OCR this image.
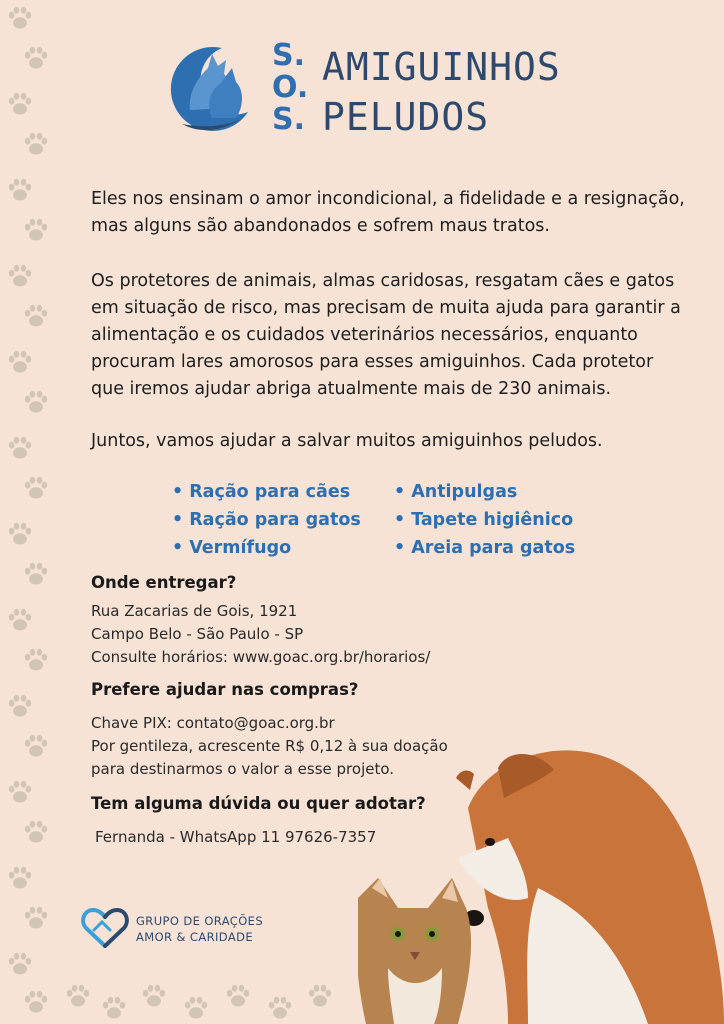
S.
O.
S.
AMIGUINHOS
PELUDOS

Eles nos ensinam o amor incondicional, a fidelidade e a resignação, mas alguns são abandonados e sofrem maus tratos.

Os protetores de animais, almas caridosas, resgatam cães e gatos em situação de risco, mas precisam de muita ajuda para garantir a alimentação e os cuidados veterinários necessários, enquanto procuram lares amorosos para esses amiguinhos. Cada protetor que iremos ajudar abriga atualmente mais de 230 animais.

Juntos, vamos ajudar a salvar muitos amiguinhos peludos.

• Ração para cães
• Ração para gatos
• Vermífugo
• Antipulgas
• Tapete higiênico
• Areia para gatos
Onde entregar?
Rua Zacarias de Gois, 1921
Campo Belo - São Paulo - SP
Consulte horários: www.goac.org.br/horarios/
Prefere ajudar nas compras?
Chave PIX: contato@goac.org.br
Por gentileza, acrescente R$ 0,12 à sua doação
para destinarmos o valor a esse projeto.
Tem alguma dúvida ou quer adotar?
Fernanda - WhatsApp 11 97626-7357
GRUPO DE ORAÇÕES
AMOR & CARIDADE
